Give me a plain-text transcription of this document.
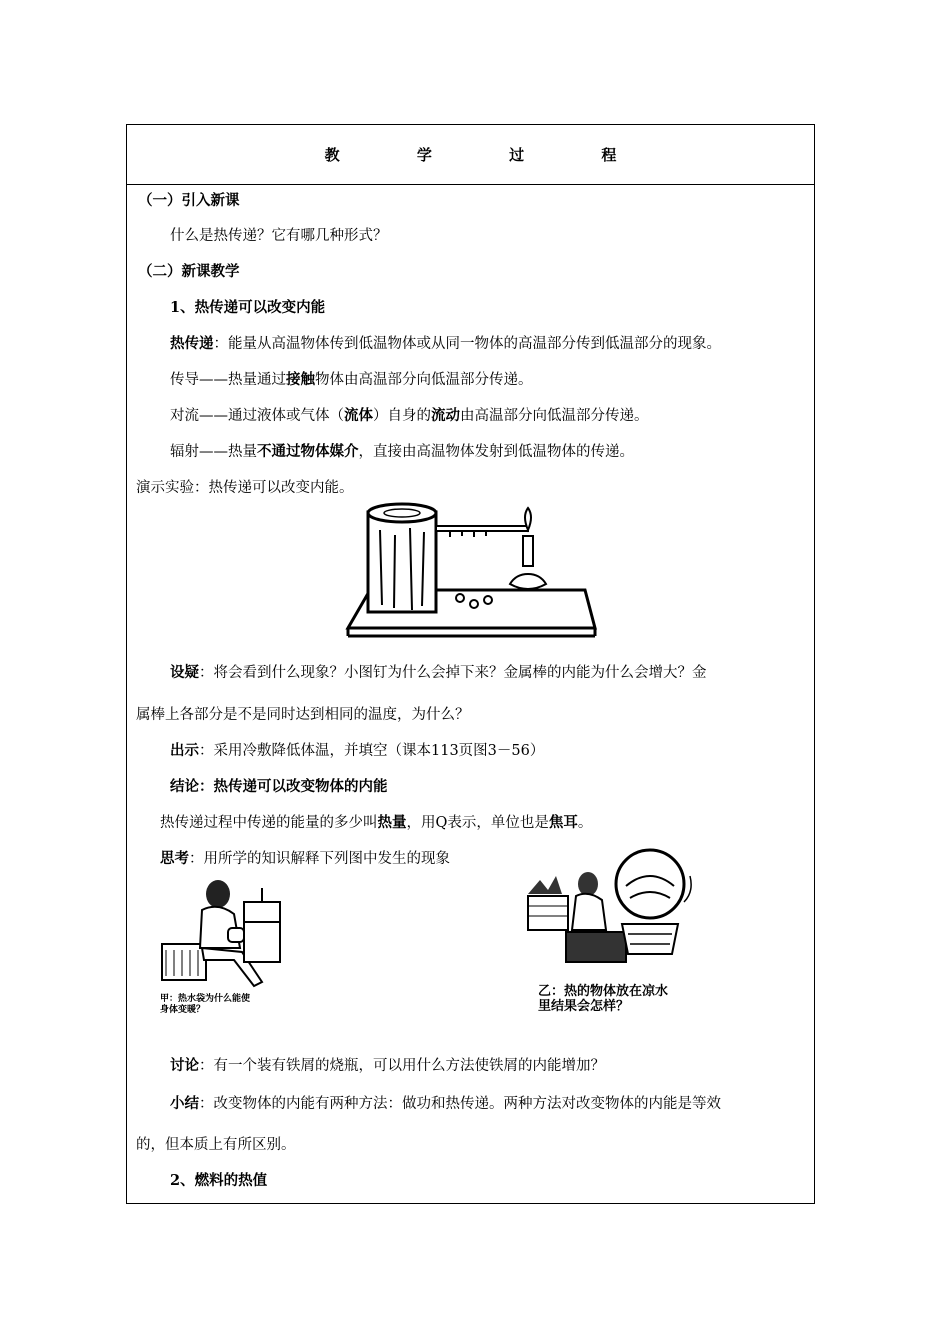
教 学 过 程
（一）引入新课
什么是热传递？它有哪几种形式？
（二）新课教学
1、热传递可以改变内能
热传递：能量从高温物体传到低温物体或从同一物体的高温部分传到低温部分的现象。
传导——热量通过接触物体由高温部分向低温部分传递。
对流——通过液体或气体（流体）自身的流动由高温部分向低温部分传递。
辐射——热量不通过物体媒介，直接由高温物体发射到低温物体的传递。
演示实验：热传递可以改变内能。
设疑：将会看到什么现象？小图钉为什么会掉下来？金属棒的内能为什么会增大？金
属棒上各部分是不是同时达到相同的温度，为什么？
出示：采用冷敷降低体温，并填空（课本113页图3－56）
结论：热传递可以改变物体的内能
热传递过程中传递的能量的多少叫热量，用Q表示，单位也是焦耳。
思考：用所学的知识解释下列图中发生的现象
甲：热水袋为什么能使
身体变暖？
乙：热的物体放在凉水
里结果会怎样？
讨论：有一个装有铁屑的烧瓶，可以用什么方法使铁屑的内能增加？
小结：改变物体的内能有两种方法：做功和热传递。两种方法对改变物体的内能是等效
的，但本质上有所区别。
2、燃料的热值
